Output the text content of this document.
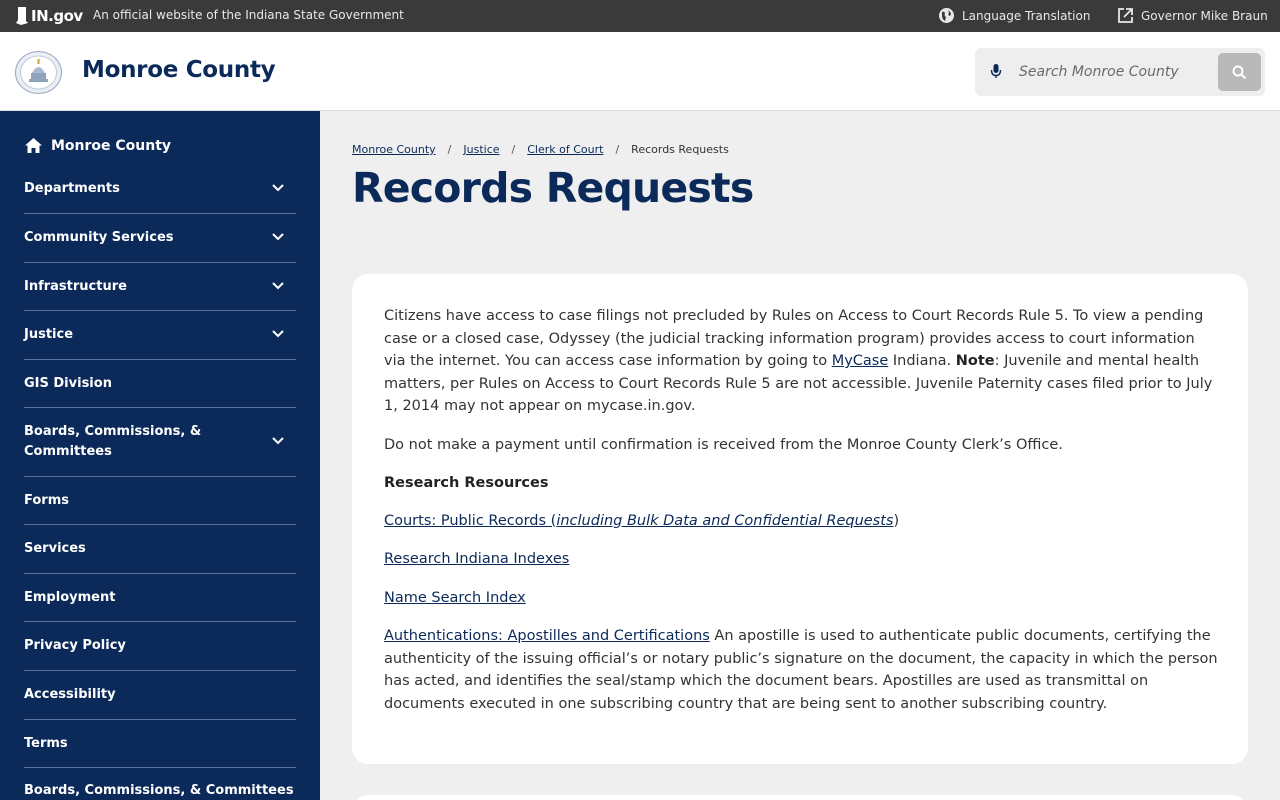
IN.gov An official website of the Indiana State Government	Language Translation	Governor Mike Braun
Monroe County
Search Monroe County
Monroe County
Departments
Community Services
Infrastructure
Justice
GIS Division
Boards, Commissions, & Committees
Forms
Services
Employment
Privacy Policy
Accessibility
Terms
Boards, Commissions, & Committees
Monroe County / Justice / Clerk of Court / Records Requests
Records Requests

Citizens have access to case filings not precluded by Rules on Access to Court Records Rule 5. To view a pending case or a closed case, Odyssey (the judicial tracking information program) provides access to court information via the internet. You can access case information by going to MyCase Indiana. Note: Juvenile and mental health matters, per Rules on Access to Court Records Rule 5 are not accessible. Juvenile Paternity cases filed prior to July 1, 2014 may not appear on mycase.in.gov.

Do not make a payment until confirmation is received from the Monroe County Clerk’s Office.

Research Resources

Courts: Public Records (including Bulk Data and Confidential Requests)

Research Indiana Indexes

Name Search Index

Authentications: Apostilles and Certifications An apostille is used to authenticate public documents, certifying the authenticity of the issuing official’s or notary public’s signature on the document, the capacity in which the person has acted, and identifies the seal/stamp which the document bears. Apostilles are used as transmittal on documents executed in one subscribing country that are being sent to another subscribing country.
